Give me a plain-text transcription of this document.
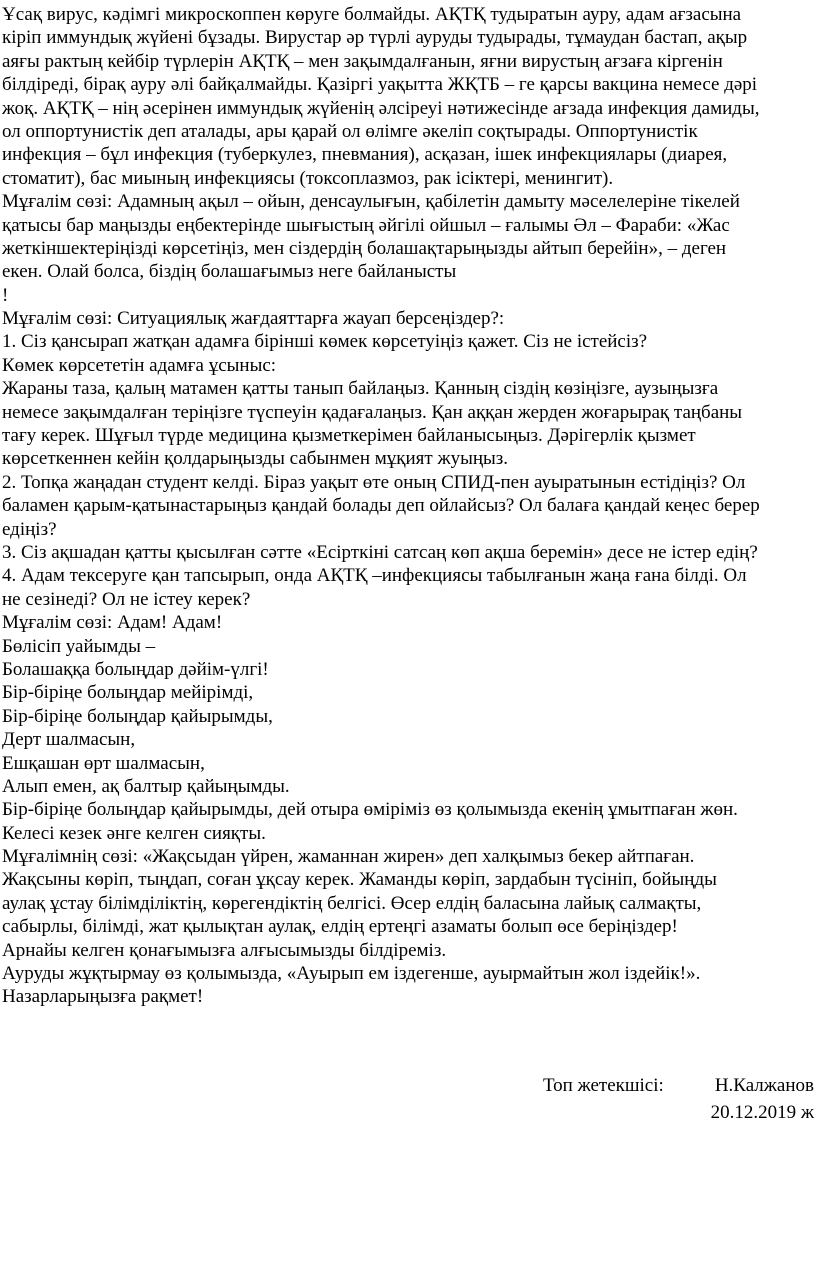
Ұсақ вирус, кәдімгі микроскоппен көруге болмайды. АҚТҚ тудыратын ауру, адам ағзасына
кіріп иммундық жүйені бұзады. Вирустар әр түрлі ауруды тудырады, тұмаудан бастап, ақыр
аяғы рактың кейбір түрлерін АҚТҚ – мен зақымдалғанын, яғни вирустың ағзаға кіргенін
білдіреді, бірақ ауру әлі байқалмайды. Қазіргі уақытта ЖҚТБ – ге қарсы вакцина немесе дәрі
жоқ. АҚТҚ – нің әсерінен иммундық жүйенің әлсіреуі нәтижесінде ағзада инфекция дамиды,
ол оппортунистік деп аталады, ары қарай ол өлімге әкеліп соқтырады. Оппортунистік
инфекция – бұл инфекция (туберкулез, пневмания), асқазан, ішек инфекциялары (диарея,
стоматит), бас миының инфекциясы (токсоплазмоз, рак ісіктері, менингит).
Мұғалім сөзі: Адамның ақыл – ойын, денсаулығын, қабілетін дамыту мәселелеріне тікелей
қатысы бар маңызды еңбектерінде шығыстың әйгілі ойшыл – ғалымы Әл – Фараби: «Жас
жеткіншектеріңізді көрсетіңіз, мен сіздердің болашақтарыңызды айтып берейін», – деген
екен. Олай болса, біздің болашағымыз неге байланысты
!
Мұғалім сөзі: Ситуациялық жағдаяттарға жауап берсеңіздер?:
1. Сіз қансырап жатқан адамға бірінші көмек көрсетуіңіз қажет. Сіз не істейсіз?
Көмек көрсететін адамға ұсыныс:
Жараны таза, қалың матамен қатты танып байлаңыз. Қанның сіздің көзіңізге, аузыңызға
немесе зақымдалған теріңізге түспеуін қадағалаңыз. Қан аққан жерден жоғарырақ таңбаны
тағу керек. Шұғыл түрде медицина қызметкерімен байланысыңыз. Дәрігерлік қызмет
көрсеткеннен кейін қолдарыңызды сабынмен мұқият жуыңыз.
2. Топқа жаңадан студент келді. Біраз уақыт өте оның СПИД-пен ауыратынын естідіңіз? Ол
баламен қарым-қатынастарыңыз қандай болады деп ойлайсыз? Ол балаға қандай кеңес берер
едіңіз?
3. Сіз ақшадан қатты қысылған сәтте «Есірткіні сатсаң көп ақша беремін» десе не істер едің?
4. Адам тексеруге қан тапсырып, онда АҚТҚ –инфекциясы табылғанын жаңа ғана білді. Ол
не сезінеді? Ол не істеу керек?
Мұғалім сөзі: Адам! Адам!
Бөлісіп уайымды –
Болашаққа болыңдар дәйім-үлгі!
Бір-біріңе болыңдар мейірімді,
Бір-біріңе болыңдар қайырымды,
Дерт шалмасын,
Ешқашан өрт шалмасын,
Алып емен, ақ балтыр қайыңымды.
Бір-біріңе болыңдар қайырымды, дей отыра өміріміз өз қолымызда екенің ұмытпаған жөн.
Келесі кезек әнге келген сияқты.
Мұғалімнің сөзі: «Жақсыдан үйрен, жаманнан жирен» деп халқымыз бекер айтпаған.
Жақсыны көріп, тыңдап, соған ұқсау керек. Жаманды көріп, зардабын түсініп, бойыңды
аулақ ұстау білімділіктің, көрегендіктің белгісі. Өсер елдің баласына лайық салмақты,
сабырлы, білімді, жат қылықтан аулақ, елдің ертеңгі азаматы болып өсе беріңіздер!
Арнайы келген қонағымызға алғысымызды білдіреміз.
Ауруды жұқтырмау өз қолымызда, «Ауырып ем іздегенше, ауырмайтын жол іздейік!».
Назарларыңызға рақмет!
Топ жетекшісі:	Н.Калжанов
20.12.2019 ж
